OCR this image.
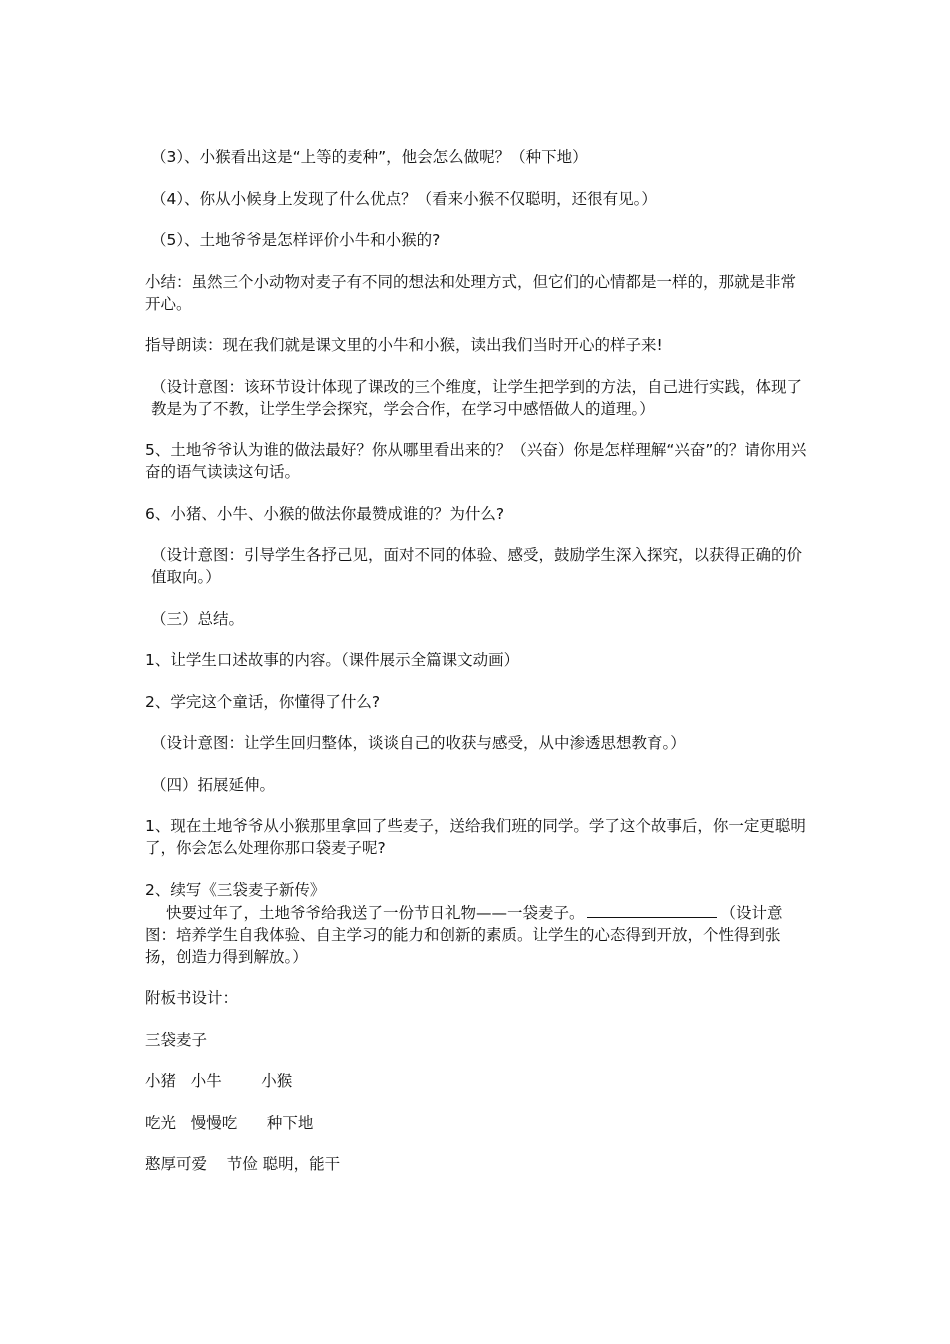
（3）、小猴看出这是“上等的麦种”，他会怎么做呢？（种下地）

（4）、你从小候身上发现了什么优点？（看来小猴不仅聪明，还很有见。）

（5）、土地爷爷是怎样评价小牛和小猴的?

小结：虽然三个小动物对麦子有不同的想法和处理方式，但它们的心情都是一样的，那就是非常开心。

指导朗读：现在我们就是课文里的小牛和小猴，读出我们当时开心的样子来!

（设计意图：该环节设计体现了课改的三个维度，让学生把学到的方法，自己进行实践，体现了教是为了不教，让学生学会探究，学会合作，在学习中感悟做人的道理。）

5、土地爷爷认为谁的做法最好？你从哪里看出来的？（兴奋）你是怎样理解“兴奋”的？请你用兴奋的语气读读这句话。

6、小猪、小牛、小猴的做法你最赞成谁的？为什么?

（设计意图：引导学生各抒己见，面对不同的体验、感受，鼓励学生深入探究，以获得正确的价值取向。）

（三）总结。

1、让学生口述故事的内容。（课件展示全篇课文动画）

2、学完这个童话，你懂得了什么?

（设计意图：让学生回归整体，谈谈自己的收获与感受，从中渗透思想教育。）

（四）拓展延伸。

1、现在土地爷爷从小猴那里拿回了些麦子，送给我们班的同学。学了这个故事后，你一定更聪明了，你会怎么处理你那口袋麦子呢?

2、续写《三袋麦子新传》

快要过年了，土地爷爷给我送了一份节日礼物——一袋麦子。	（设计意图：培养学生自我体验、自主学习的能力和创新的素质。让学生的心态得到开放，个性得到张扬，创造力得到解放。）

附板书设计：

三袋麦子

小猪   小牛        小猴

吃光   慢慢吃      种下地

憨厚可爱    节俭 聪明，能干
